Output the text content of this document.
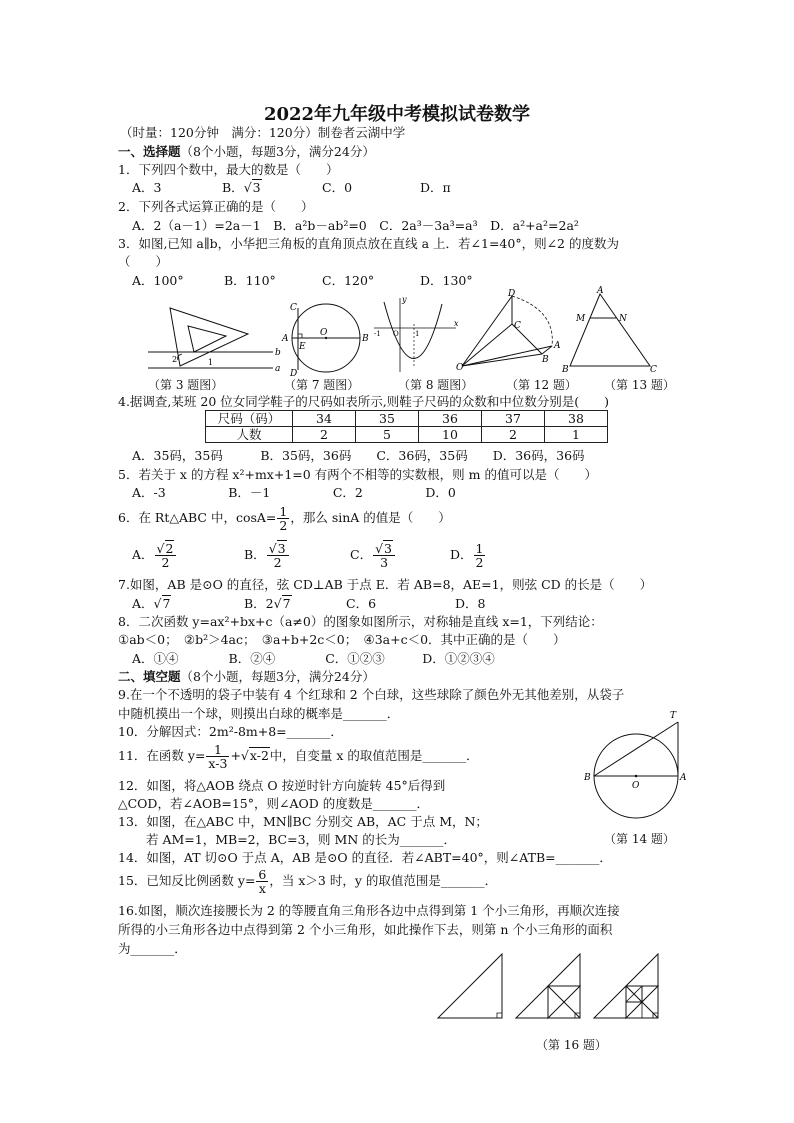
2022年九年级中考模拟试卷数学
（时量：120分钟　满分：120分）制卷者云湖中学
一、选择题（8个小题，每题3分，满分24分）
1．下列四个数中，最大的数是（　　）
A．3	B．√3	C．0	D．π
2．下列各式运算正确的是（　　）
A．2（a－1）=2a－1　B．a²b－ab²=0　C．2a³－3a³=a³　D．a²+a²=2a²
3．如图,已知 a∥b，小华把三角板的直角顶点放在直线 a 上．若∠1=40°，则∠2 的度数为
（　　）
A．100°	B．110°	C．120°	D．130°
b
a
1
2
C
A
E
O
B
D
y
x
-1 O 1
D
C
O
B
A
A
M	N
B	C
（第 3 题图）	（第 7 题图）	（第 8 题图）	（第 12 题） （第 13 题）
4.据调查,某班 20 位女同学鞋子的尺码如表所示,则鞋子尺码的众数和中位数分别是(　　)
尺码（码）	34	35	36	37	38
人数	2	5	10	2	1
A．35码，35码　　　B．35码，36码　　C．36码，35码　　D．36码，36码
5．若关于 x 的方程 x²+mx+1=0 有两个不相等的实数根，则 m 的值可以是（　　）
A．-3　　　　　B．－1　　　　　C．2　　　　　D．0
6．在 Rt△ABC 中，$\cos A= \frac{1}{2}$ ，那么 sinA 的值是（　　）
A． $\frac{√2}{2}$	B． $\frac{√3}{2}$	C． $\frac{√3}{3}$	D． $\frac{1}{2}$
7.如图，AB 是⊙O 的直径，弦 CD⊥AB 于点 E．若 AB=8，AE=1，则弦 CD 的长是（　　）
A．√7	B．2√7	C．6	D．8
8．二次函数 y=ax²+bx+c（a≠0）的图象如图所示，对称轴是直线 x=1，下列结论：
①ab＜0；　②b²＞4ac；　③a+b+2c＜0；　④3a+c＜0．其中正确的是（　　）
A．①④　　　　B．②④　　　　C．①②③　　　D．①②③④
二、填空题（8个小题，每题3分，满分24分）
9.在一个不透明的袋子中装有 4 个红球和 2 个白球，这些球除了颜色外无其他差别，从袋子
中随机摸出一个球，则摸出白球的概率是_______．
10．分解因式：2m²-8m+8=_______．
11．在函数 $y= \frac{1}{x-3} +√x-2$中，自变量 x 的取值范围是_______．
12．如图，将△AOB 绕点 O 按逆时针方向旋转 45°后得到
△COD，若∠AOB=15°，则∠AOD 的度数是_______．
13．如图，在△ABC 中，MN∥BC 分别交 AB，AC 于点 M，N；
若 AM=1，MB=2，BC=3，则 MN 的长为_______．
T
B	A
O
（第 14 题）
14．如图，AT 切⊙O 于点 A，AB 是⊙O 的直径．若∠ABT=40°，则∠ATB=_______．
15．已知反比例函数 $y= \frac{6}{x}$ ，当 x＞3 时，y 的取值范围是_______．
16.如图，顺次连接腰长为 2 的等腰直角三角形各边中点得到第 1 个小三角形，再顺次连接
所得的小三角形各边中点得到第 2 个小三角形，如此操作下去，则第 n 个小三角形的面积
为_______．
（第 16 题）
